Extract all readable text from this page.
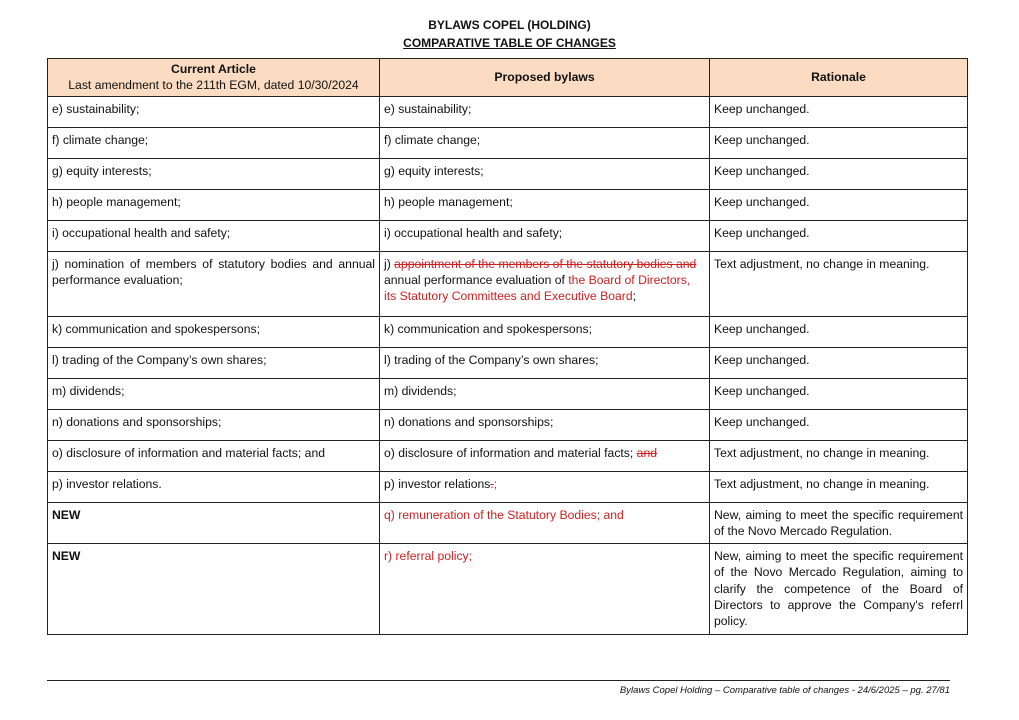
BYLAWS COPEL (HOLDING)
COMPARATIVE TABLE OF CHANGES
Current Article
Last amendment to the 211th EGM, dated 10/30/2024	Proposed bylaws	Rationale
e) sustainability;	e) sustainability;	Keep unchanged.
f) climate change;	f) climate change;	Keep unchanged.
g) equity interests;	g) equity interests;	Keep unchanged.
h) people management;	h) people management;	Keep unchanged.
i) occupational health and safety;	i) occupational health and safety;	Keep unchanged.
j) nomination of members of statutory bodies and annual performance evaluation;	j) appointment of the members of the statutory bodies and annual performance evaluation of the Board of Directors, its Statutory Committees and Executive Board;	Text adjustment, no change in meaning.
k) communication and spokespersons;	k) communication and spokespersons;	Keep unchanged.
l) trading of the Company’s own shares;	l) trading of the Company’s own shares;	Keep unchanged.
m) dividends;	m) dividends;	Keep unchanged.
n) donations and sponsorships;	n) donations and sponsorships;	Keep unchanged.
o) disclosure of information and material facts; and	o) disclosure of information and material facts; and	Text adjustment, no change in meaning.
p) investor relations.	p) investor relations.;	Text adjustment, no change in meaning.
NEW	q) remuneration of the Statutory Bodies; and	New, aiming to meet the specific requirement of the Novo Mercado Regulation.
NEW	r) referral policy;	New, aiming to meet the specific requirement of the Novo Mercado Regulation, aiming to clarify the competence of the Board of Directors to approve the Company's referrl policy.
Bylaws Copel Holding – Comparative table of changes - 24/6/2025 – pg. 27/81
